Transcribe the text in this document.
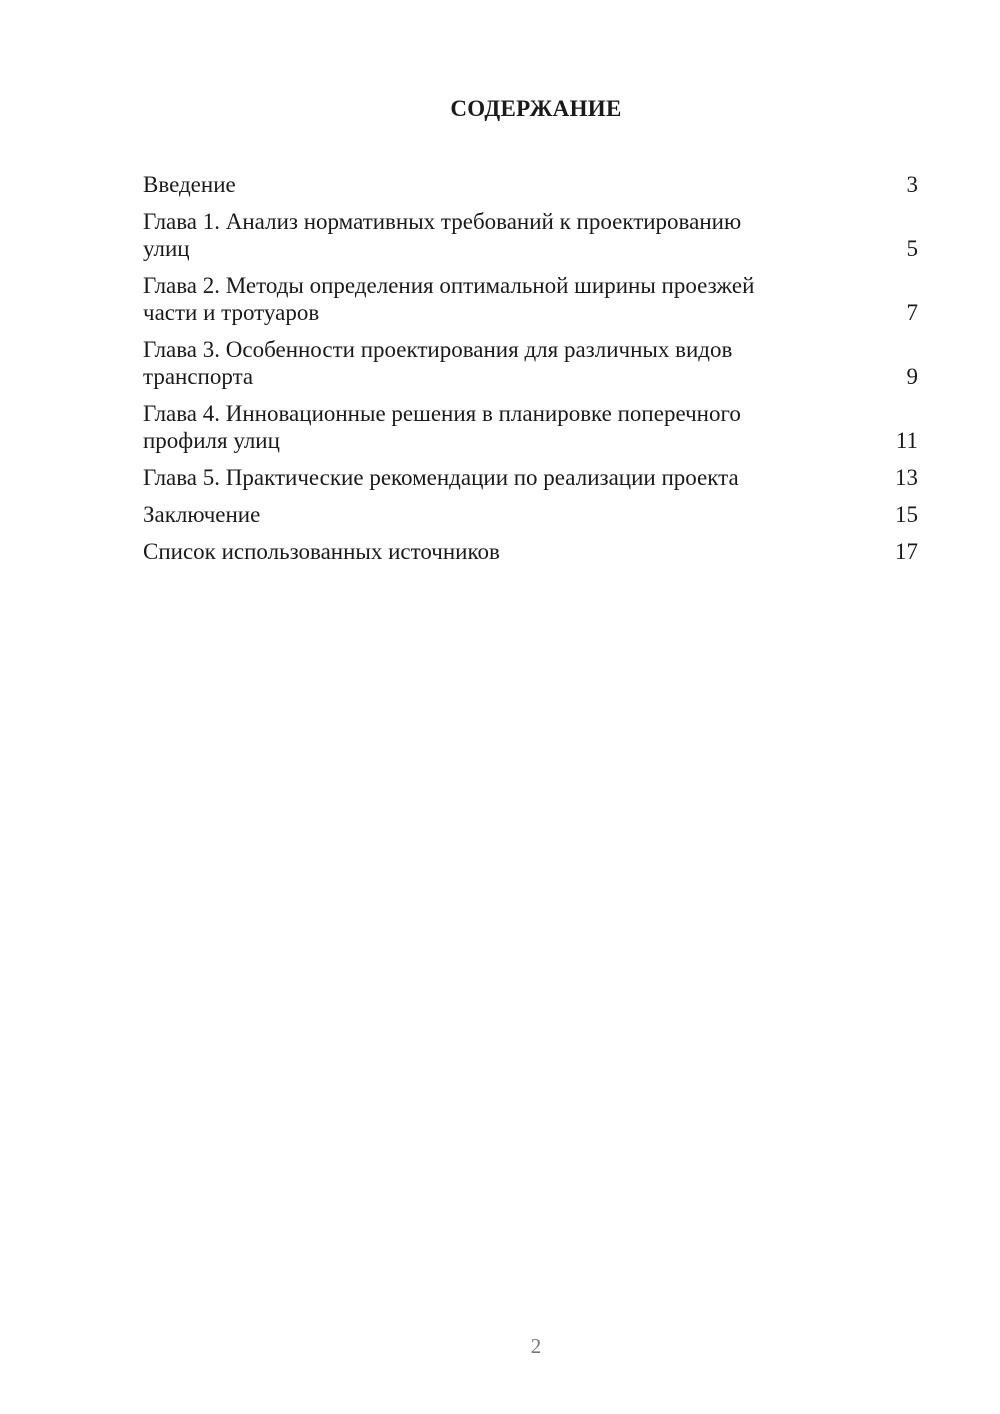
СОДЕРЖАНИЕ
Введение	3
Глава 1. Анализ нормативных требований к проектированию
улиц	5
Глава 2. Методы определения оптимальной ширины проезжей
части и тротуаров	7
Глава 3. Особенности проектирования для различных видов
транспорта	9
Глава 4. Инновационные решения в планировке поперечного
профиля улиц	11
Глава 5. Практические рекомендации по реализации проекта	13
Заключение	15
Список использованных источников	17
2
